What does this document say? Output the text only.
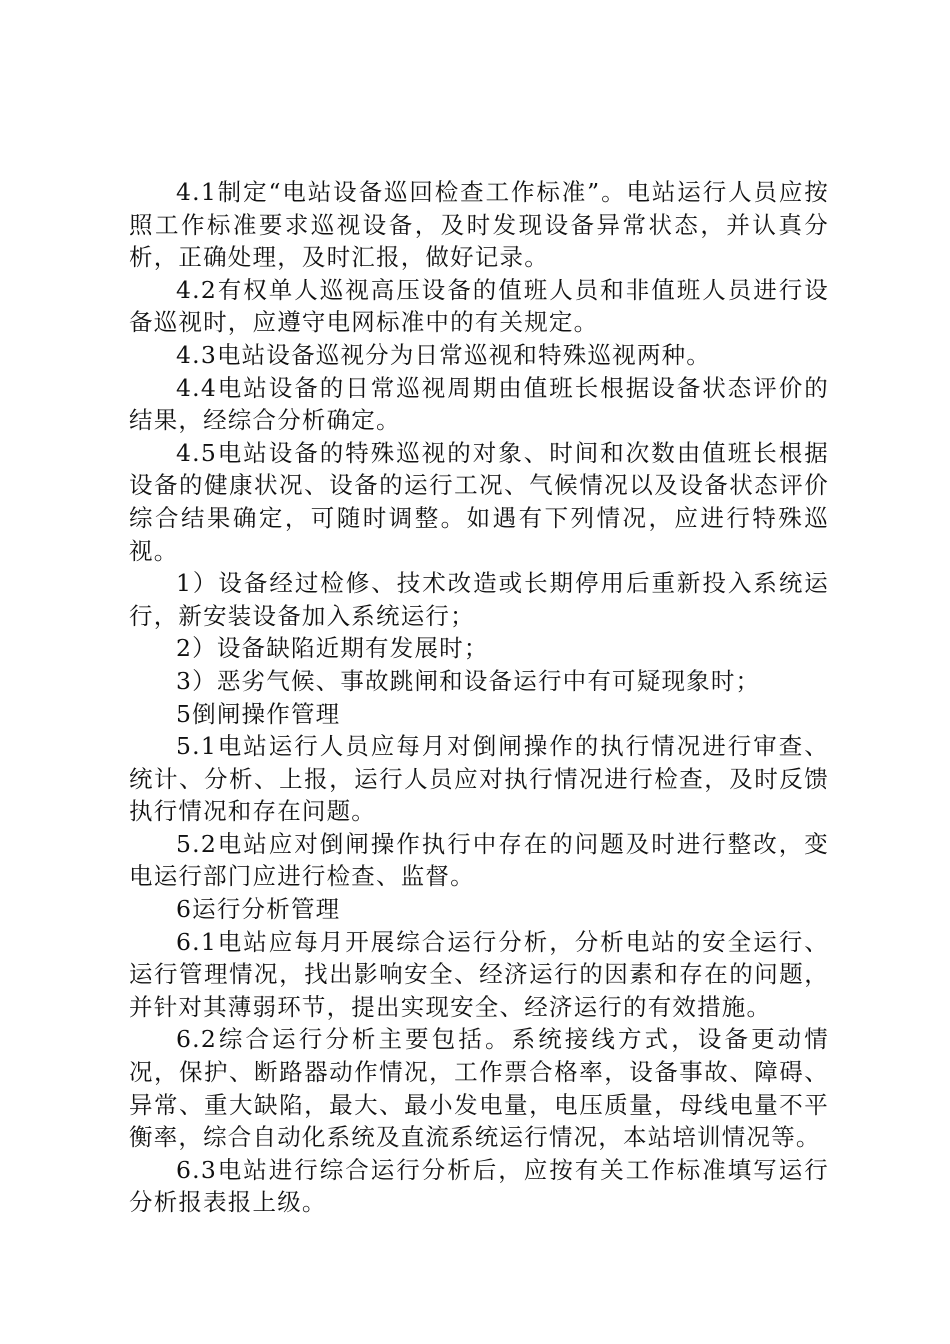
4.1制定“电站设备巡回检查工作标准”。电站运行人员应按照工作标准要求巡视设备，及时发现设备异常状态，并认真分析，正确处理，及时汇报，做好记录。

4.2有权单人巡视高压设备的值班人员和非值班人员进行设备巡视时，应遵守电网标准中的有关规定。

4.3电站设备巡视分为日常巡视和特殊巡视两种。

4.4电站设备的日常巡视周期由值班长根据设备状态评价的结果，经综合分析确定。

4.5电站设备的特殊巡视的对象、时间和次数由值班长根据设备的健康状况、设备的运行工况、气候情况以及设备状态评价综合结果确定，可随时调整。如遇有下列情况，应进行特殊巡视。

1）设备经过检修、技术改造或长期停用后重新投入系统运行，新安装设备加入系统运行；

2）设备缺陷近期有发展时；

3）恶劣气候、事故跳闸和设备运行中有可疑现象时；

5倒闸操作管理

5.1电站运行人员应每月对倒闸操作的执行情况进行审查、统计、分析、上报，运行人员应对执行情况进行检查，及时反馈执行情况和存在问题。

5.2电站应对倒闸操作执行中存在的问题及时进行整改，变电运行部门应进行检查、监督。

6运行分析管理

6.1电站应每月开展综合运行分析，分析电站的安全运行、运行管理情况，找出影响安全、经济运行的因素和存在的问题，并针对其薄弱环节，提出实现安全、经济运行的有效措施。

6.2综合运行分析主要包括。系统接线方式，设备更动情况，保护、断路器动作情况，工作票合格率，设备事故、障碍、异常、重大缺陷，最大、最小发电量，电压质量，母线电量不平衡率，综合自动化系统及直流系统运行情况，本站培训情况等。

6.3电站进行综合运行分析后，应按有关工作标准填写运行分析报表报上级。
